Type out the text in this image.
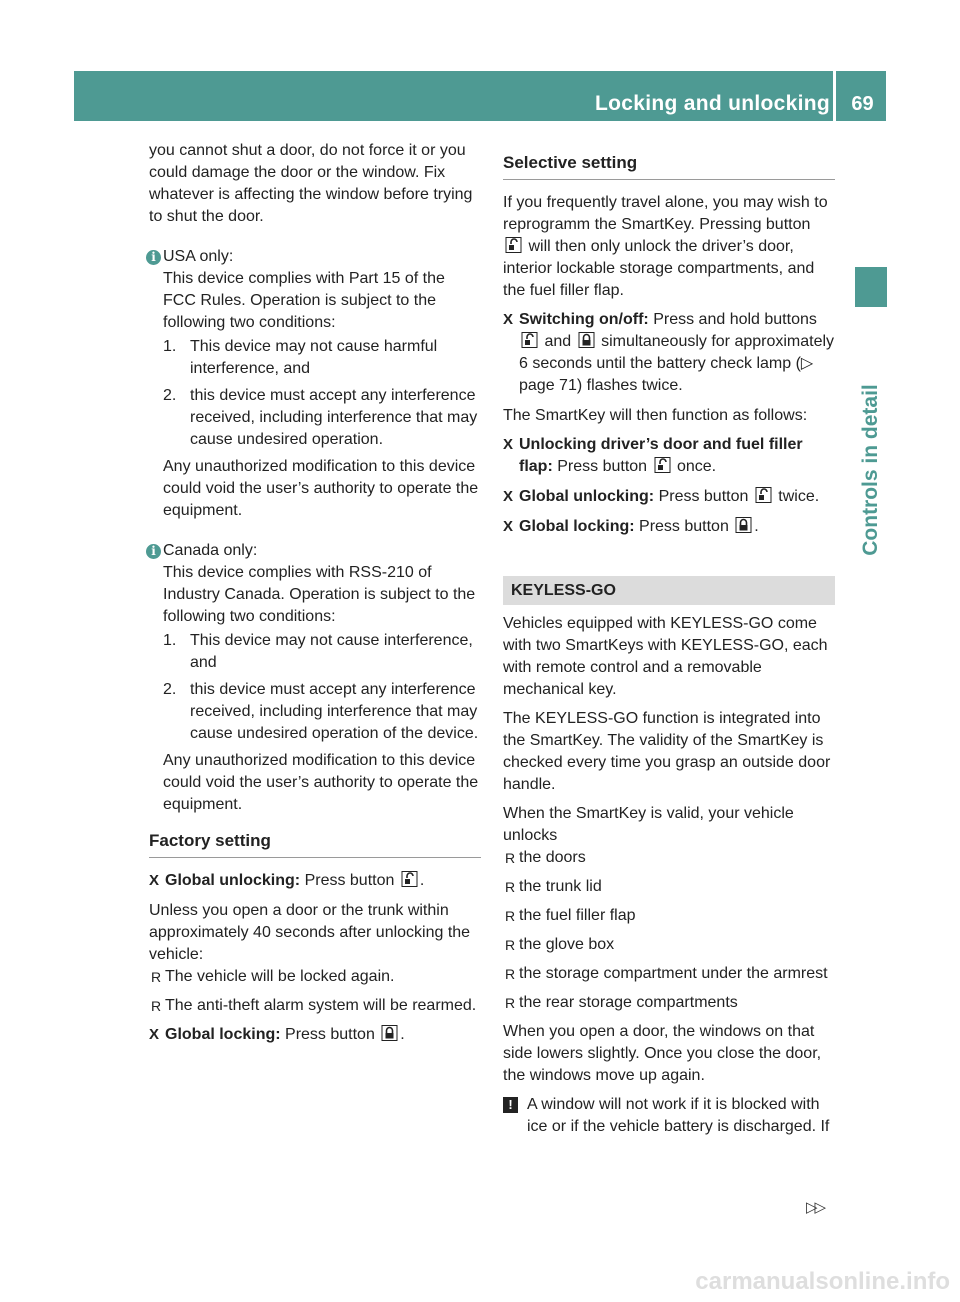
Locking and unlocking	69
Controls in detail

you cannot shut a door, do not force it or you could damage the door or the window. Fix whatever is affecting the window before trying to shut the door.

i USA only:

This device complies with Part 15 of the FCC Rules. Operation is subject to the following two conditions:

1. This device may not cause harmful interference, and
2. this device must accept any interference received, including interference that may cause undesired operation.

Any unauthorized modification to this device could void the user’s authority to operate the equipment.

i Canada only:

This device complies with RSS-210 of Industry Canada. Operation is subject to the following two conditions:

1. This device may not cause interference, and
2. this device must accept any interference received, including interference that may cause undesired operation of the device.

Any unauthorized modification to this device could void the user’s authority to operate the equipment.

Factory setting
X Global unlocking: Press button .

Unless you open a door or the trunk within approximately 40 seconds after unlocking the vehicle:

R The vehicle will be locked again.
R The anti-theft alarm system will be rearmed.
X Global locking: Press button .
Selective setting

If you frequently travel alone, you may wish to reprogramm the SmartKey. Pressing button  will then only unlock the driver’s door, interior lockable storage compartments, and the fuel filler flap.

X Switching on/off: Press and hold buttons  and simultaneously for approximately 6 seconds until the battery check lamp (▷ page 71) flashes twice.

The SmartKey will then function as follows:

X Unlocking driver’s door and fuel filler flap: Press button once.
X Global unlocking: Press button twice.
X Global locking: Press button .
KEYLESS-GO

Vehicles equipped with KEYLESS-GO come with two SmartKeys with KEYLESS-GO, each with remote control and a removable mechanical key.

The KEYLESS-GO function is integrated into the SmartKey. The validity of the SmartKey is checked every time you grasp an outside door handle.

When the SmartKey is valid, your vehicle unlocks

R the doors
R the trunk lid
R the fuel filler flap
R the glove box
R the storage compartment under the armrest
R the rear storage compartments

When you open a door, the windows on that side lowers slightly. Once you close the door, the windows move up again.

! A window will not work if it is blocked with ice or if the vehicle battery is discharged. If
▷▷
carmanualsonline.info
